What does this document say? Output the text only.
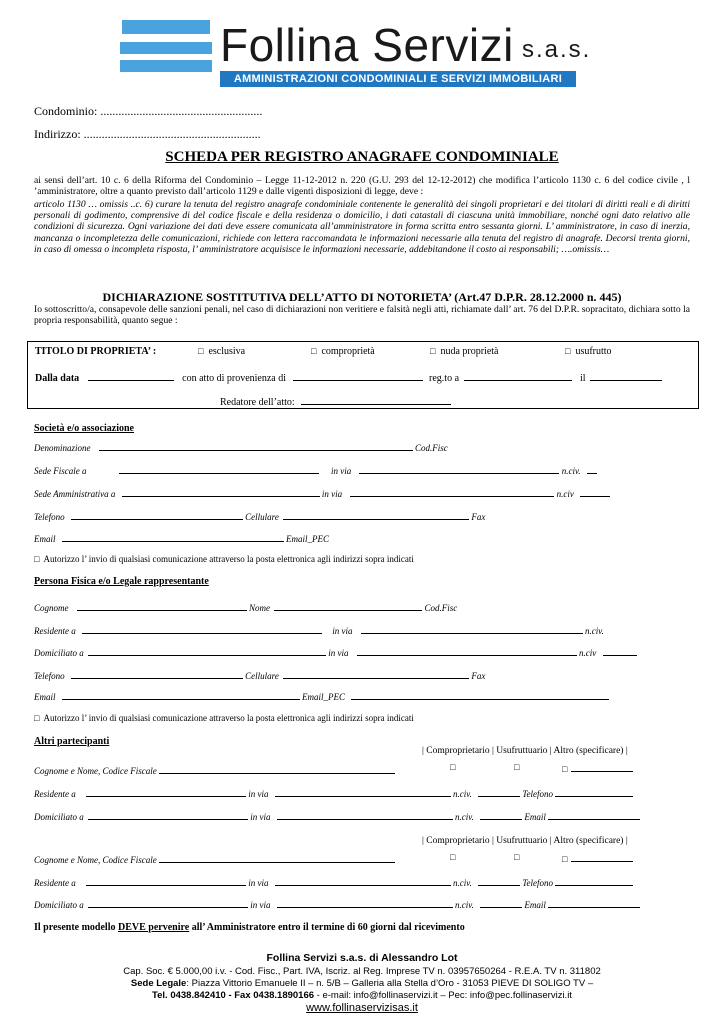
Follina Servizi s.a.s.
AMMINISTRAZIONI CONDOMINIALI E SERVIZI IMMOBILIARI
Condominio: ......................................................
Indirizzo: ...........................................................
SCHEDA PER REGISTRO ANAGRAFE CONDOMINIALE
ai sensi dell’art. 10 c. 6 della Riforma del Condominio – Legge 11-12-2012 n. 220 (G.U. 293 del 12-12-2012) che modifica l’articolo 1130 c. 6 del codice civile , l ’amministratore, oltre a quanto previsto dall’articolo 1129 e dalle vigenti disposizioni di legge, deve :
articolo 1130 … omissis ..c. 6) curare la tenuta del registro anagrafe condominiale contenente le generalità dei singoli proprietari e dei titolari di diritti reali e di diritti personali di godimento, comprensive di del codice fiscale e della residenza o domicilio, i dati catastali di ciascuna unità immobiliare, nonché ogni dato relativo alle condizioni di sicurezza. Ogni variazione dei dati deve essere comunicata all’amministratore in forma scritta entro sessanta giorni. L’ amministratore, in caso di inerzia, mancanza o incompletezza delle comunicazioni, richiede con lettera raccomandata le informazioni necessarie alla tenuta del registro di anagrafe. Decorsi trenta giorni, in caso di omessa o incompleta risposta, l’ amministratore acquisisce le informazioni necessarie, addebitandone il costo ai responsabili; ….omissis…
DICHIARAZIONE SOSTITUTIVA DELL’ATTO DI NOTORIETA’ (Art.47 D.P.R. 28.12.2000 n. 445)
Io sottoscritto/a, consapevole delle sanzioni penali, nel caso di dichiarazioni non veritiere e falsità negli atti, richiamate dall’ art. 76 del D.P.R. sopracitato, dichiara sotto la propria responsabilità, quanto segue :
TITOLO DI PROPRIETA’ :	□ esclusiva	□ comproprietà	□ nuda proprietà	□ usufrutto
Dalla data	con atto di provenienza di	reg.to a	il
Redatore dell’atto:
Società e/o associazione
Denominazione	Cod.Fisc
Sede Fiscale a	in via	n.civ.
Sede Amministrativa a	in via	n.civ
Telefono	Cellulare	Fax
Email	Email_PEC
□ Autorizzo l’ invio di qualsiasi comunicazione attraverso la posta elettronica agli indirizzi sopra indicati
Persona Fisica e/o Legale rappresentante
Cognome	Nome	Cod.Fisc
Residente a	in via	n.civ.
Domiciliato a	in via	n.civ
Telefono	Cellulare	Fax
Email	Email_PEC
□ Autorizzo l’ invio di qualsiasi comunicazione attraverso la posta elettronica agli indirizzi sopra indicati
Altri partecipanti
| Comproprietario | Usufruttuario | Altro (specificare) |
Cognome e Nome, Codice Fiscale	□	□	□
Residente a	in via	n.civ.	Telefono
Domiciliato a	in via	n.civ.	Email
| Comproprietario | Usufruttuario | Altro (specificare) |
Cognome e Nome, Codice Fiscale	□	□	□
Residente a	in via	n.civ.	Telefono
Domiciliato a	in via	n.civ.	Email
Il presente modello DEVE pervenire all’ Amministratore entro il termine di 60 giorni dal ricevimento
Follina Servizi s.a.s. di Alessandro Lot
Cap. Soc. € 5.000,00 i.v. - Cod. Fisc., Part. IVA, Iscriz. al Reg. Imprese TV n. 03957650264 - R.E.A. TV n. 311802
Sede Legale: Piazza Vittorio Emanuele II – n. 5/B – Galleria alla Stella d’Oro - 31053 PIEVE DI SOLIGO TV –
Tel. 0438.842410 - Fax 0438.1890166 - e-mail: info@follinaservizi.it – Pec: info@pec.follinaservizi.it
www.follinaservizisas.it
